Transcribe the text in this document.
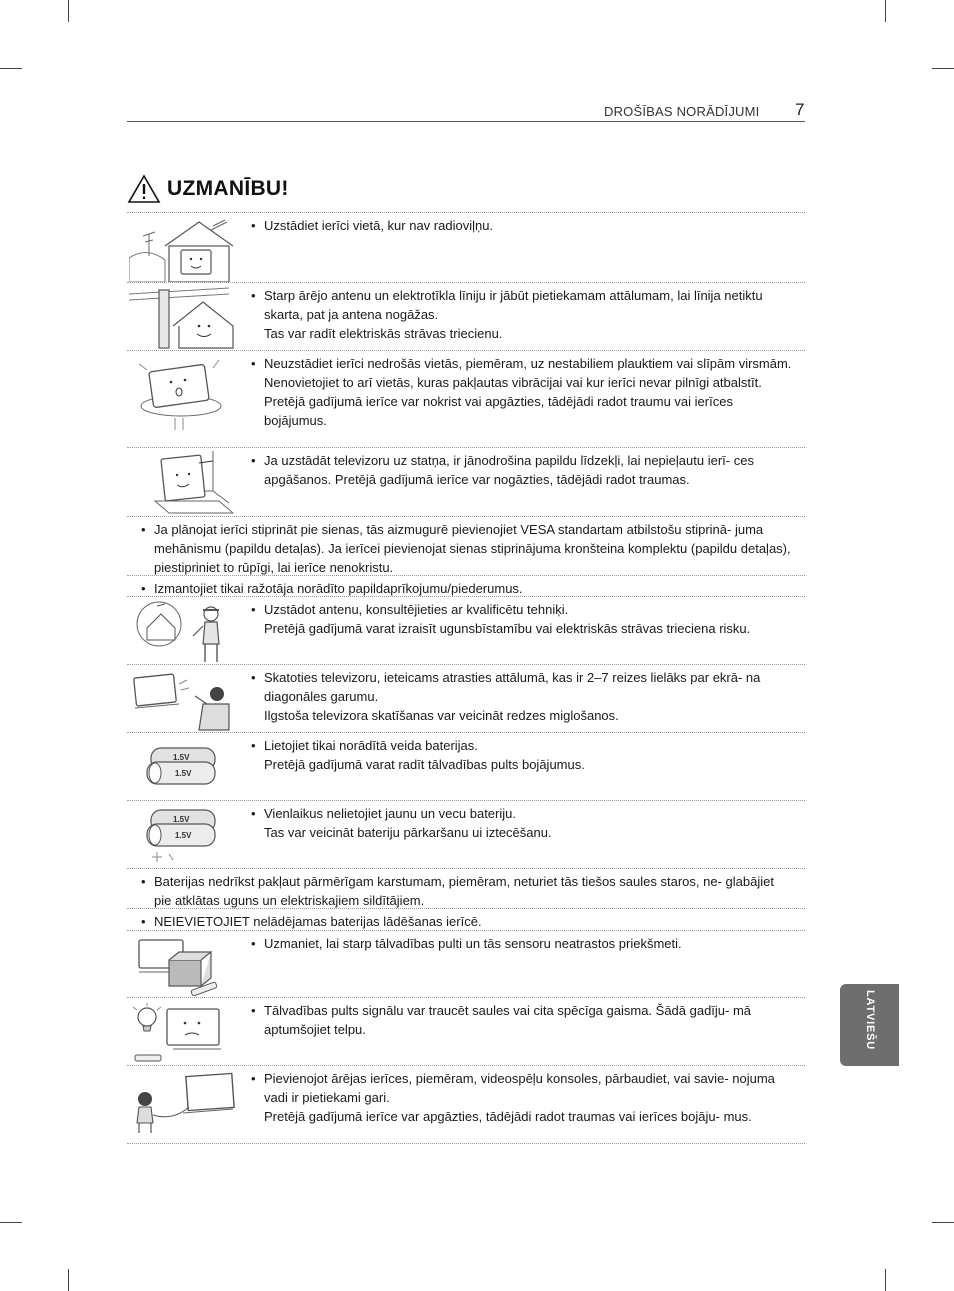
DROŠĪBAS NORĀDĪJUMI 7
UZMANĪBU!
• Uzstādiet ierīci vietā, kur nav radioviļņu.

• Starp ārējo antenu un elektrotīkla līniju ir jābūt pietiekamam attālumam, lai līnija netiktu skarta, pat ja antena nogāžas.

Tas var radīt elektriskās strāvas triecienu.

• Neuzstādiet ierīci nedrošās vietās, piemēram, uz nestabiliem plauktiem vai slīpām virsmām. Nenovietojiet to arī vietās, kuras pakļautas vibrācijai vai kur ierīci nevar pilnīgi atbalstīt.

Pretējā gadījumā ierīce var nokrist vai apgāzties, tādējādi radot traumu vai ierīces bojājumus.

• Ja uzstādāt televizoru uz statņa, ir jānodrošina papildu līdzekļi, lai nepieļautu ierī- ces apgāšanos. Pretējā gadījumā ierīce var nogāzties, tādējādi radot traumas.

• Ja plānojat ierīci stiprināt pie sienas, tās aizmugurē pievienojiet VESA standartam atbilstošu stiprinā- juma mehānismu (papildu detaļas). Ja ierīcei pievienojat sienas stiprinājuma kronšteina komplektu (papildu detaļas), piestipriniet to rūpīgi, lai ierīce nenokristu.

• Izmantojiet tikai ražotāja norādīto papildaprīkojumu/piederumus.

• Uzstādot antenu, konsultējieties ar kvalificētu tehniķi.

Pretējā gadījumā varat izraisīt ugunsbīstamību vai elektriskās strāvas trieciena risku.

• Skatoties televizoru, ieteicams atrasties attālumā, kas ir 2–7 reizes lielāks par ekrā- na diagonāles garumu.

Ilgstoša televizora skatīšanas var veicināt redzes miglošanos.

1.5V
1.5V
• Lietojiet tikai norādītā veida baterijas.

Pretējā gadījumā varat radīt tālvadības pults bojājumus.

1.5V
1.5V
• Vienlaikus nelietojiet jaunu un vecu bateriju.

Tas var veicināt bateriju pārkaršanu ui iztecēšanu.

• Baterijas nedrīkst pakļaut pārmērīgam karstumam, piemēram, neturiet tās tiešos saules staros, ne- glabājiet pie atklātas uguns un elektriskajiem sildītājiem.

• NEIEVIETOJIET nelādējamas baterijas lādēšanas ierīcē.

• Uzmaniet, lai starp tālvadības pulti un tās sensoru neatrastos priekšmeti.

• Tālvadības pults signālu var traucēt saules vai cita spēcīga gaisma. Šādā gadīju- mā aptumšojiet telpu.

• Pievienojot ārējas ierīces, piemēram, videospēļu konsoles, pārbaudiet, vai savie- nojuma vadi ir pietiekami gari.

Pretējā gadījumā ierīce var apgāzties, tādējādi radot traumas vai ierīces bojāju- mus.

LATVIEŠU
